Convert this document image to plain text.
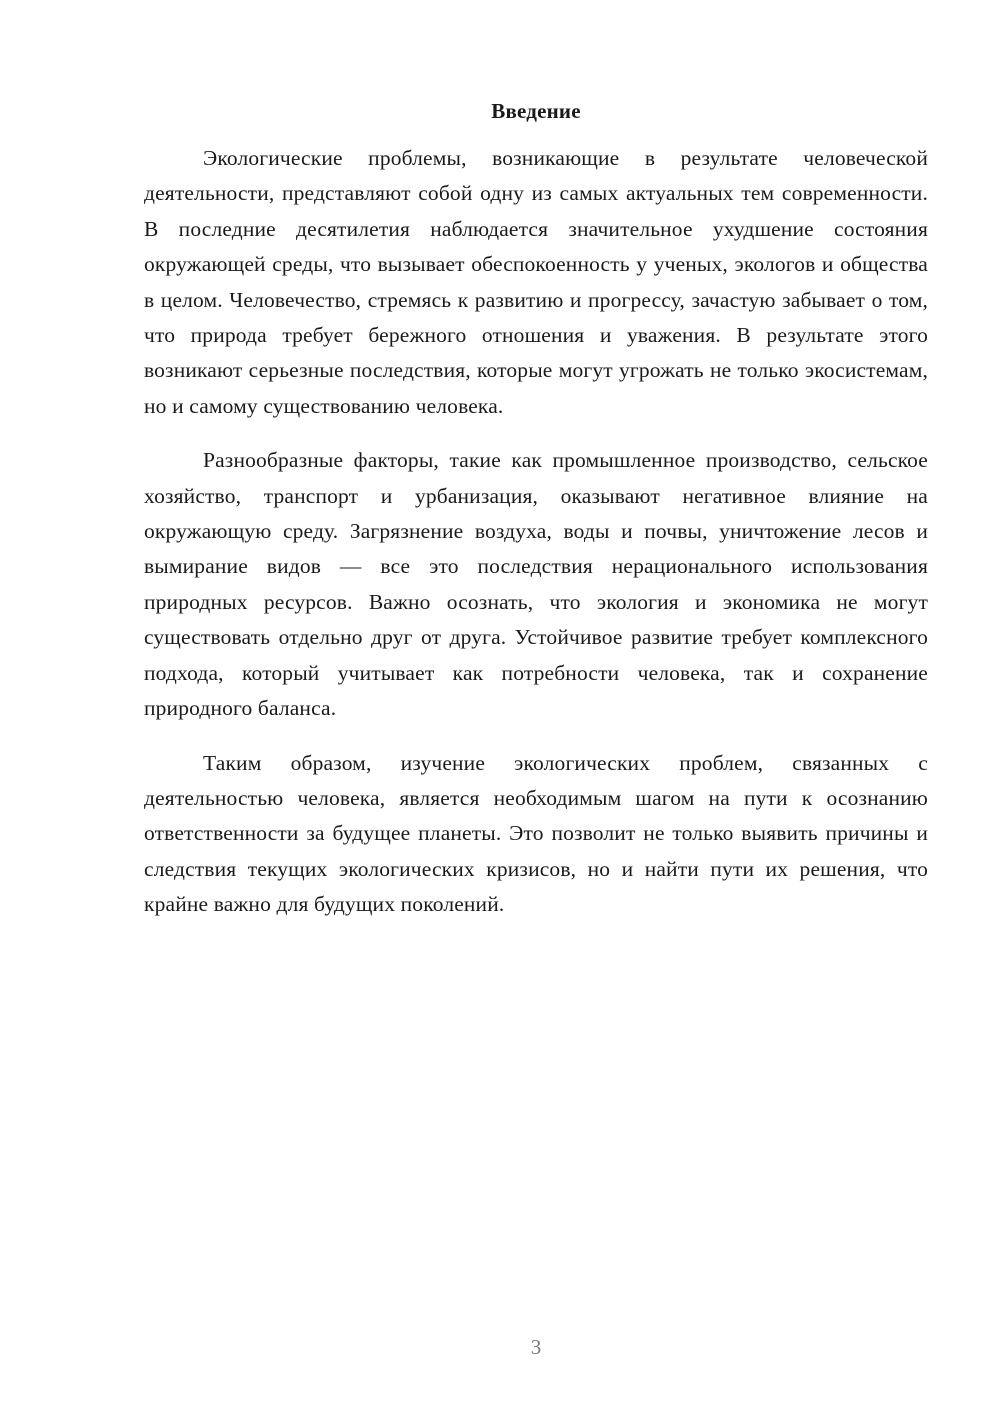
Введение

Экологические проблемы, возникающие в результате человеческой деятельности, представляют собой одну из самых актуальных тем современности. В последние десятилетия наблюдается значительное ухудшение состояния окружающей среды, что вызывает обеспокоенность у ученых, экологов и общества в целом. Человечество, стремясь к развитию и прогрессу, зачастую забывает о том, что природа требует бережного отношения и уважения. В результате этого возникают серьезные последствия, которые могут угрожать не только экосистемам, но и самому существованию человека.

Разнообразные факторы, такие как промышленное производство, сельское хозяйство, транспорт и урбанизация, оказывают негативное влияние на окружающую среду. Загрязнение воздуха, воды и почвы, уничтожение лесов и вымирание видов — все это последствия нерационального использования природных ресурсов. Важно осознать, что экология и экономика не могут существовать отдельно друг от друга. Устойчивое развитие требует комплексного подхода, который учитывает как потребности человека, так и сохранение природного баланса.

Таким образом, изучение экологических проблем, связанных с деятельностью человека, является необходимым шагом на пути к осознанию ответственности за будущее планеты. Это позволит не только выявить причины и следствия текущих экологических кризисов, но и найти пути их решения, что крайне важно для будущих поколений.

3
